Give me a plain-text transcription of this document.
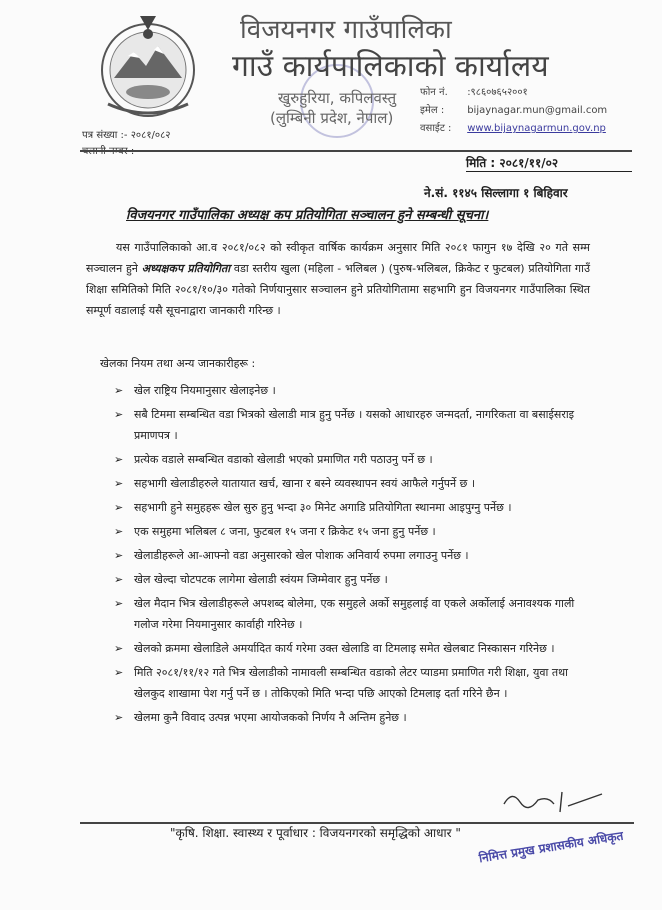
विजयनगर गाउँपालिका
गाउँ कार्यपालिकाको कार्यालय
खुरुहुरिया, कपिलवस्तु
(लुम्बिनी प्रदेश, नेपाल)
फोन नं. :९८६०७६५२००१
इमेल : bijaynagar.mun@gmail.com
वसाईट : www.bijaynagarmun.gov.np
पत्र संख्या :- २०८१/०८२
मिति : २०८१/११/०२
ने.सं. ११४५ सिल्लागा १ बिहिवार
विजयनगर गाउँपालिका अध्यक्ष कप प्रतियोगिता सञ्चालन हुने सम्बन्धी सूचना।
यस गाउँपालिकाको आ.व २०८१/०८२ को स्वीकृत वार्षिक कार्यक्रम अनुसार मिति २०८१ फागुन १७ देखि २० गते सम्म सञ्चालन हुने अध्यक्षकप प्रतियोगिता वडा स्तरीय खुला (महिला - भलिबल ) (पुरुष-भलिबल, क्रिकेट र फुटबल) प्रतियोगिता गाउँ शिक्षा समितिको मिति २०८१/१०/३० गतेको निर्णयानुसार सञ्चालन हुने प्रतियोगितामा सहभागि हुन विजयनगर गाउँपालिका स्थित सम्पूर्ण वडालाई यसै सूचनाद्वारा जानकारी गरिन्छ ।
खेलका नियम तथा अन्य जानकारीहरू :
➢ खेल राष्ट्रिय नियमानुसार खेलाइनेछ ।
➢ सबै टिममा सम्बन्धित वडा भित्रको खेलाडी मात्र हुनु पर्नेछ । यसको आधारहरु जन्मदर्ता, नागरिकता वा बसाईसराइ प्रमाणपत्र ।
➢ प्रत्येक वडाले सम्बन्धित वडाको खेलाडी भएको प्रमाणित गरी पठाउनु पर्ने छ ।
➢ सहभागी खेलाडीहरुले यातायात खर्च, खाना र बस्ने व्यवस्थापन स्वयं आफैले गर्नुपर्ने छ ।
➢ सहभागी हुने समुहहरू खेल सुरु हुनु भन्दा ३० मिनेट अगाडि प्रतियोगिता स्थानमा आइपुग्नु पर्नेछ ।
➢ एक समुहमा भलिबल ८ जना, फुटबल १५ जना र क्रिकेट १५ जना हुनु पर्नेछ ।
➢ खेलाडीहरूले आ-आफ्नो वडा अनुसारको खेल पोशाक अनिवार्य रुपमा लगाउनु पर्नेछ ।
➢ खेल खेल्दा चोटपटक लागेमा खेलाडी स्वंयम जिम्मेवार हुनु पर्नेछ ।
➢ खेल मैदान भित्र खेलाडीहरूले अपशब्द बोलेमा, एक समुहले अर्को समुहलाई वा एकले अर्कोलाई अनावश्यक गाली गलोज गरेमा नियमानुसार कार्वाही गरिनेछ ।
➢ खेलको क्रममा खेलाडिले अमर्यादित कार्य गरेमा उक्त खेलाडि वा टिमलाइ समेत खेलबाट निस्कासन गरिनेछ ।
➢ मिति २०८१/११/१२ गते भित्र खेलाडीको नामावली सम्बन्धित वडाको लेटर प्याडमा प्रमाणित गरी शिक्षा, युवा तथा खेलकुद शाखामा पेश गर्नु पर्ने छ । तोकिएको मिति भन्दा पछि आएको टिमलाइ दर्ता गरिने छैन ।
➢ खेलमा कुनै विवाद उत्पन्न भएमा आयोजकको निर्णय नै अन्तिम हुनेछ ।
"कृषि. शिक्षा. स्वास्थ्य र पूर्वाधार : विजयनगरको समृद्धिको आधार " निमित्त प्रमुख प्रशासकीय अधिकृत
